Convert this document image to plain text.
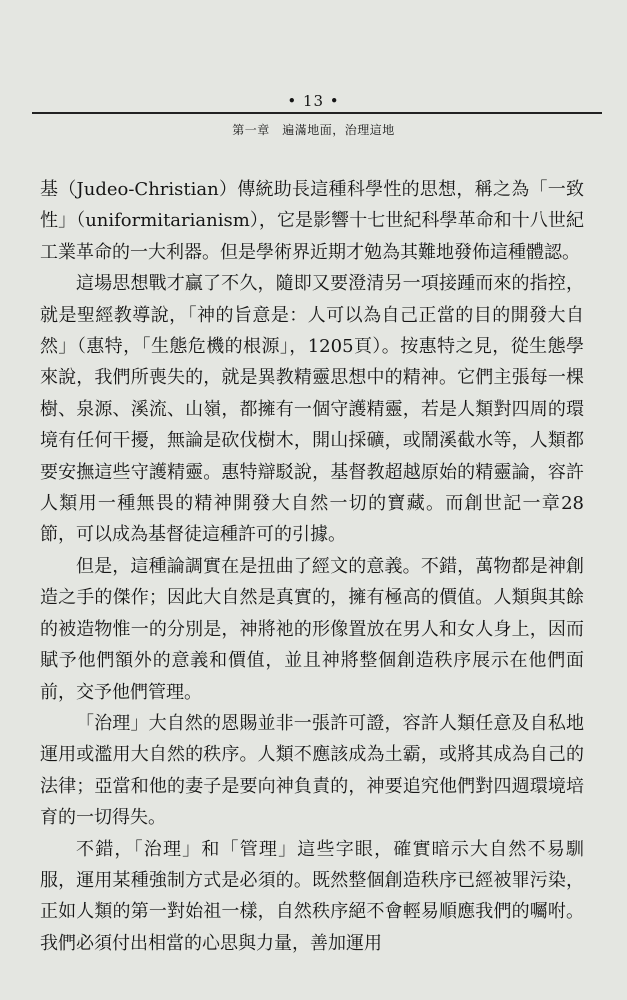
• 13 •
第一章　遍滿地面，治理這地

基（Judeo-Christian）傳統助長這種科學性的思想，稱之為「一致性」（uniformitarianism），它是影響十七世紀科學革命和十八世紀工業革命的一大利器。但是學術界近期才勉為其難地發佈這種體認。

這場思想戰才贏了不久，隨即又要澄清另一項接踵而來的指控，就是聖經教導說，「神的旨意是：人可以為自己正當的目的開發大自然」（惠特，「生態危機的根源」，1205頁）。按惠特之見，從生態學來說，我們所喪失的，就是異教精靈思想中的精神。它們主張每一棵樹、泉源、溪流、山嶺，都擁有一個守護精靈，若是人類對四周的環境有任何干擾，無論是砍伐樹木，開山採礦，或鬧溪截水等，人類都要安撫這些守護精靈。惠特辯駁說，基督教超越原始的精靈論，容許人類用一種無畏的精神開發大自然一切的寶藏。而創世記一章28節，可以成為基督徒這種許可的引據。

但是，這種論調實在是扭曲了經文的意義。不錯，萬物都是神創造之手的傑作；因此大自然是真實的，擁有極高的價值。人類與其餘的被造物惟一的分別是，神將祂的形像置放在男人和女人身上，因而賦予他們額外的意義和價值，並且神將整個創造秩序展示在他們面前，交予他們管理。

「治理」大自然的恩賜並非一張許可證，容許人類任意及自私地運用或濫用大自然的秩序。人類不應該成為土霸，或將其成為自己的法律；亞當和他的妻子是要向神負責的，神要追究他們對四週環境培育的一切得失。

不錯，「治理」和「管理」這些字眼，確實暗示大自然不易馴服，運用某種強制方式是必須的。既然整個創造秩序已經被罪污染，正如人類的第一對始祖一樣，自然秩序絕不會輕易順應我們的囑咐。我們必須付出相當的心思與力量，善加運用
